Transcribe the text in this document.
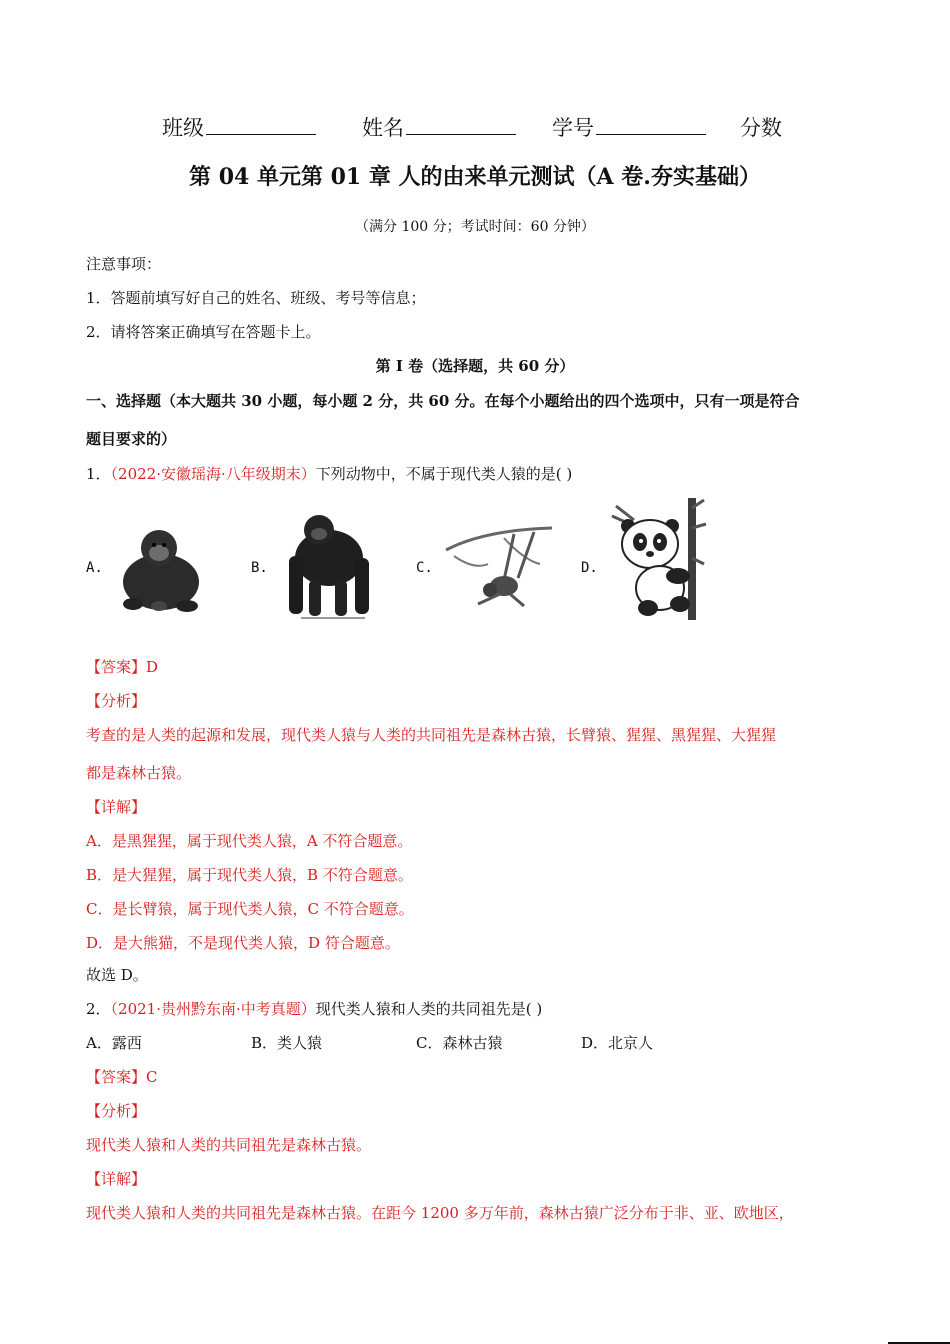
班级	姓名	学号	分数
第 04 单元第 01 章 人的由来单元测试（A 卷.夯实基础）
（满分 100 分；考试时间：60 分钟）
注意事项：
1．答题前填写好自己的姓名、班级、考号等信息；
2．请将答案正确填写在答题卡上。
第 I 卷（选择题，共 60 分）
一、选择题（本大题共 30 小题，每小题 2 分，共 60 分。在每个小题给出的四个选项中，只有一项是符合
题目要求的）
1．（2022·安徽瑶海·八年级期末）下列动物中，不属于现代类人猿的是( )
A.	B.	C.	D.
【答案】D
【分析】
考查的是人类的起源和发展，现代类人猿与人类的共同祖先是森林古猿，长臂猿、猩猩、黑猩猩、大猩猩
都是森林古猿。
【详解】
A．是黑猩猩，属于现代类人猿，A 不符合题意。
B．是大猩猩，属于现代类人猿，B 不符合题意。
C．是长臂猿，属于现代类人猿，C 不符合题意。
D．是大熊猫，不是现代类人猿，D 符合题意。
故选 D。
2．（2021·贵州黔东南·中考真题）现代类人猿和人类的共同祖先是( )
A．露西	B．类人猿	C．森林古猿	D．北京人
【答案】C
【分析】
现代类人猿和人类的共同祖先是森林古猿。
【详解】
现代类人猿和人类的共同祖先是森林古猿。在距今 1200 多万年前，森林古猿广泛分布于非、亚、欧地区，
